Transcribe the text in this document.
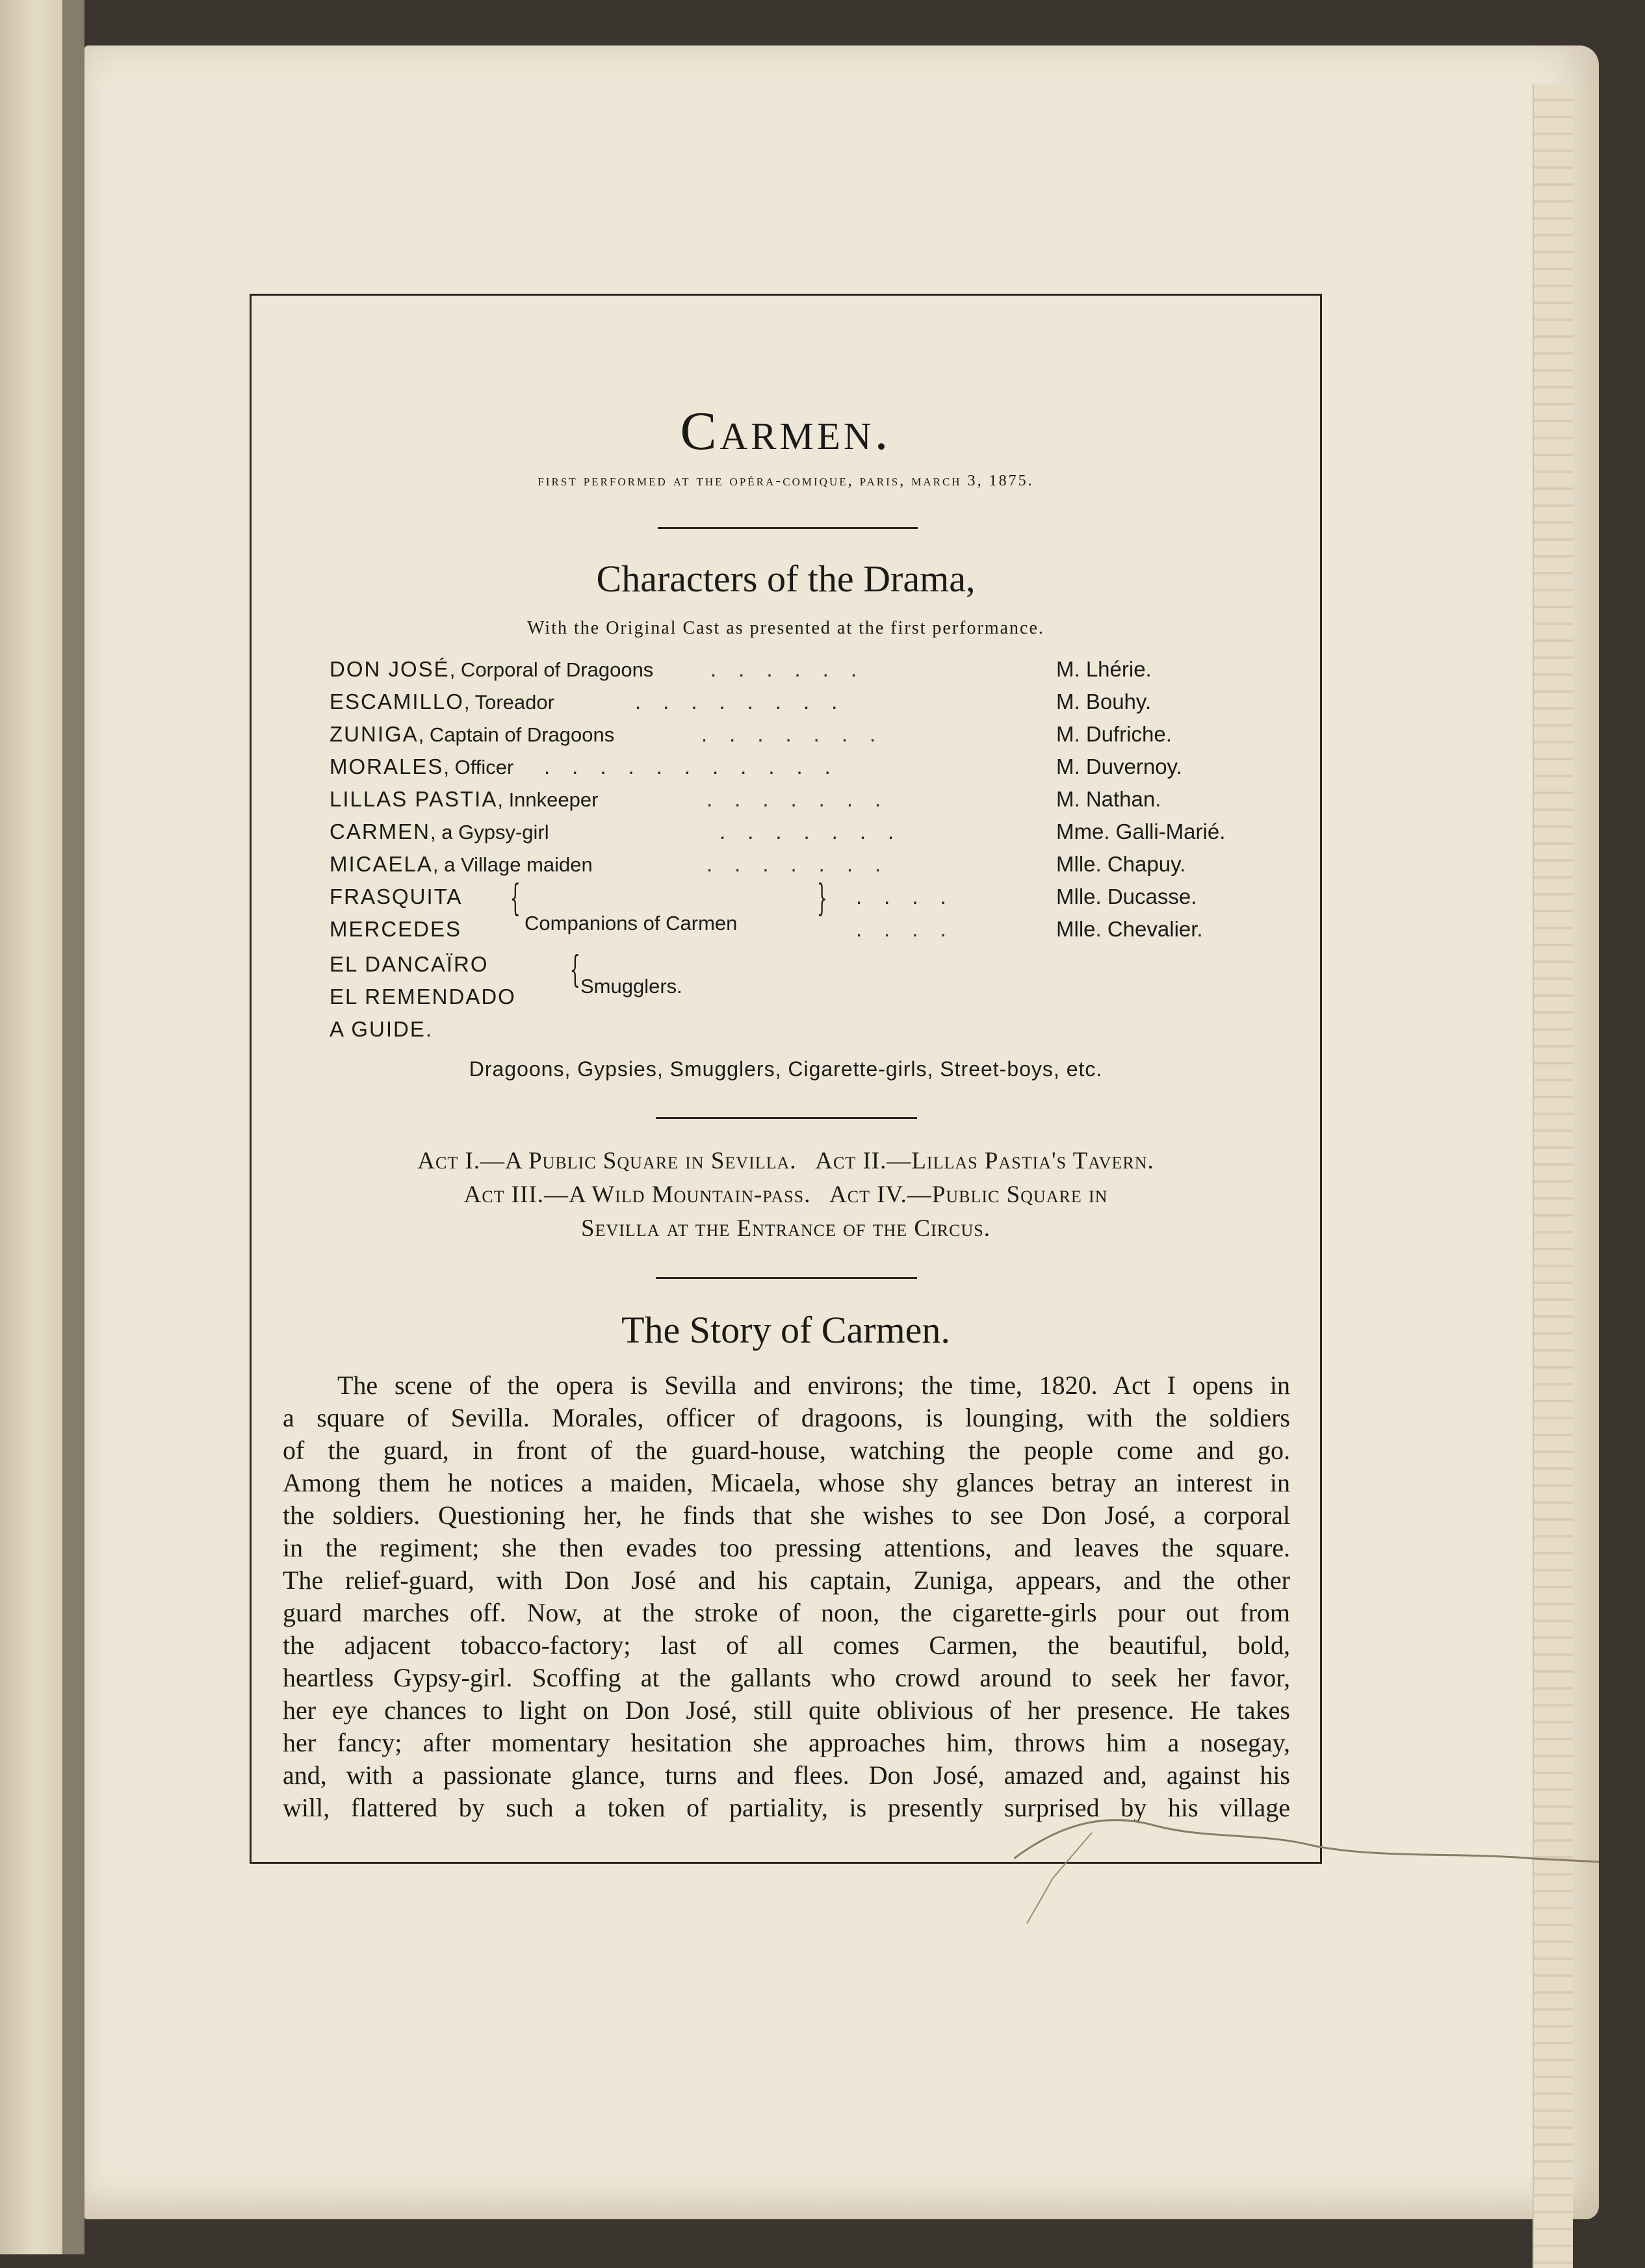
Carmen.
first performed at the opéra-comique, paris, march 3, 1875.
Characters of the Drama,
With the Original Cast as presented at the first performance.
DON JOSÉ, Corporal of Dragoons	......	M. Lhérie.
ESCAMILLO, Toreador	........	M. Bouhy.
ZUNIGA, Captain of Dragoons	.......	M. Dufriche.
MORALES, Officer ...........	M. Duvernoy.
LILLAS PASTIA, Innkeeper	.......	M. Nathan.
CARMEN, a Gypsy-girl	.......	Mme. Galli-Marié.
MICAELA, a Village maiden	.......	Mlle. Chapuy.
FRASQUITA	....	Mlle. Ducasse.
MERCEDES	....	Mlle. Chevalier.
EL DANCAÏRO
EL REMENDADO
A GUIDE.
{	}
Companions of Carmen
{ Smugglers.
Dragoons, Gypsies, Smugglers, Cigarette-girls, Street-boys, etc.
Act I.—A Public Square in Sevilla.   Act II.—Lillas Pastia's Tavern.
Act III.—A Wild Mountain-pass.   Act IV.—Public Square in
Sevilla at the Entrance of the Circus.
The Story of Carmen.
The scene of the opera is Sevilla and environs; the time, 1820. Act I opens in
a square of Sevilla. Morales, officer of dragoons, is lounging, with the soldiers
of the guard, in front of the guard-house, watching the people come and go.
Among them he notices a maiden, Micaela, whose shy glances betray an interest in
the soldiers. Questioning her, he finds that she wishes to see Don José, a corporal
in the regiment; she then evades too pressing attentions, and leaves the square.
The relief-guard, with Don José and his captain, Zuniga, appears, and the other
guard marches off. Now, at the stroke of noon, the cigarette-girls pour out from
the adjacent tobacco-factory; last of all comes Carmen, the beautiful, bold,
heartless Gypsy-girl. Scoffing at the gallants who crowd around to seek her favor,
her eye chances to light on Don José, still quite oblivious of her presence. He takes
her fancy; after momentary hesitation she approaches him, throws him a nosegay,
and, with a passionate glance, turns and flees. Don José, amazed and, against his
will, flattered by such a token of partiality, is presently surprised by his village
